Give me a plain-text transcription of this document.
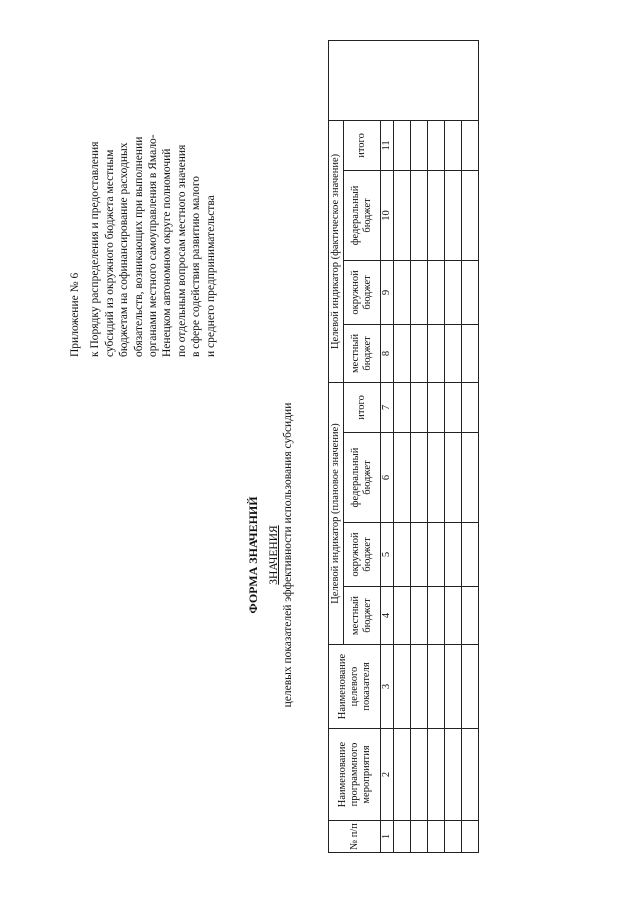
Приложение № 6 к Порядку распределения и предоставления субсидий из окружного бюджета местным бюджетам на софинансирование расходных обязательств, возникающих при выполнении органами местного самоуправления в Ямало- Ненецком автономном округе полномочий по отдельным вопросам местного значения в сфере содействия развитию малого и среднего предпринимательства
ФОРМА ЗНАЧЕНИЙ ЗНАЧЕНИЯ целевых показателей эффективности использования субсидии
№ п/п	Наименование программного мероприятия	Наименование целевого показателя	Целевой индикатор (плановое значение)				Целевой индикатор (фактическое значение)				
			местный бюджет	окружной бюджет	федеральный бюджет	итого	местный бюджет	окружной бюджет	федеральный бюджет	итого	
1	2	3	4	5	6	7	8	9	10	11	
